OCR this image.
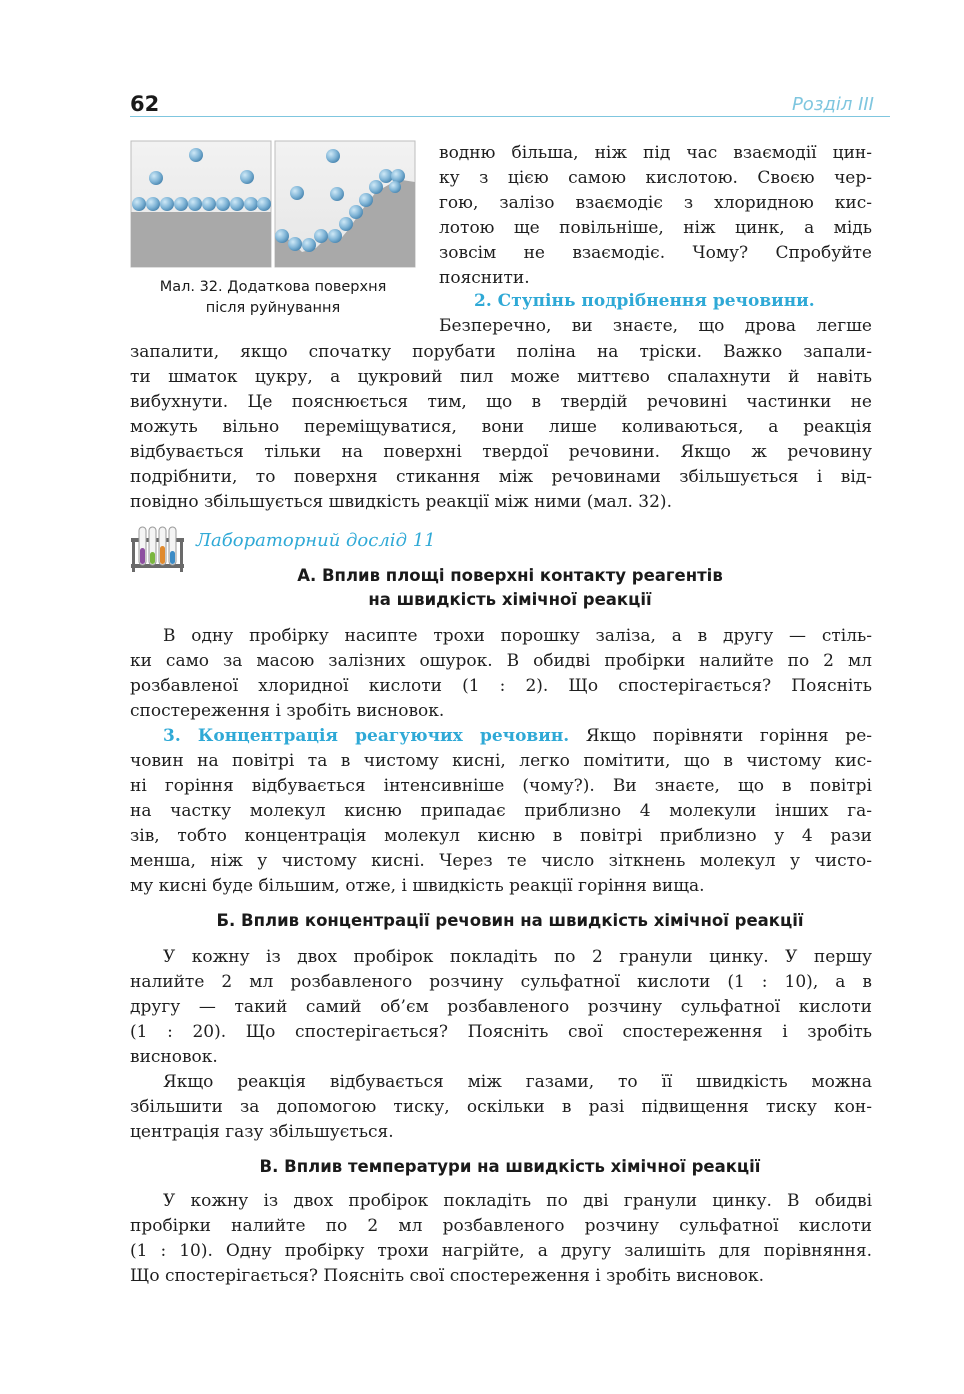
62	Розділ ІІІ
Мал. 32. Додаткова поверхня
після руйнування
водню більша, ніж під час взаємодії цин-
ку з цією самою кислотою. Своєю чер-
гою, залізо взаємодіє з хлоридною кис-
лотою ще повільніше, ніж цинк, а мідь
зовсім не взаємодіє. Чому? Спробуйте
пояснити.
2. Ступінь подрібнення речовини.
Безперечно, ви знаєте, що дрова легше
запалити, якщо спочатку порубати поліна на тріски. Важко запали-
ти шматок цукру, а цукровий пил може миттєво спалахнути й навіть
вибухнути. Це пояснюється тим, що в твердій речовині частинки не
можуть вільно переміщуватися, вони лише коливаються, а реакція
відбувається тільки на поверхні твердої речовини. Якщо ж речовину
подрібнити, то поверхня стикання між речовинами збільшується і від-
повідно збільшується швидкість реакції між ними (мал. 32).
Лабораторний дослід 11
А. Вплив площі поверхні контакту реагентів
на швидкість хімічної реакції
В одну пробірку насипте трохи порошку заліза, а в другу — стіль-
ки само за масою залізних ошурок. В обидві пробірки налийте по 2 мл
розбавленої хлоридної кислоти (1 : 2). Що спостерігається? Поясніть
спостереження і зробіть висновок.
3. Концентрація реагуючих речовин. Якщо порівняти горіння ре-
човин на повітрі та в чистому кисні, легко помітити, що в чистому кис-
ні горіння відбувається інтенсивніше (чому?). Ви знаєте, що в повітрі
на частку молекул кисню припадає приблизно 4 молекули інших га-
зів, тобто концентрація молекул кисню в повітрі приблизно у 4 рази
менша, ніж у чистому кисні. Через те число зіткнень молекул у чисто-
му кисні буде більшим, отже, і швидкість реакції горіння вища.
Б. Вплив концентрації речовин на швидкість хімічної реакції
У кожну із двох пробірок покладіть по 2 гранули цинку. У першу
налийте 2 мл розбавленого розчину сульфатної кислоти (1 : 10), а в
другу — такий самий об’єм розбавленого розчину сульфатної кислоти
(1 : 20). Що спостерігається? Поясніть свої спостереження і зробіть
висновок.
Якщо реакція відбувається між газами, то її швидкість можна
збільшити за допомогою тиску, оскільки в разі підвищення тиску кон-
центрація газу збільшується.
В. Вплив температури на швидкість хімічної реакції
У кожну із двох пробірок покладіть по дві гранули цинку. В обидві
пробірки налийте по 2 мл розбавленого розчину сульфатної кислоти
(1 : 10). Одну пробірку трохи нагрійте, а другу залишіть для порівняння.
Що спостерігається? Поясніть свої спостереження і зробіть висновок.
